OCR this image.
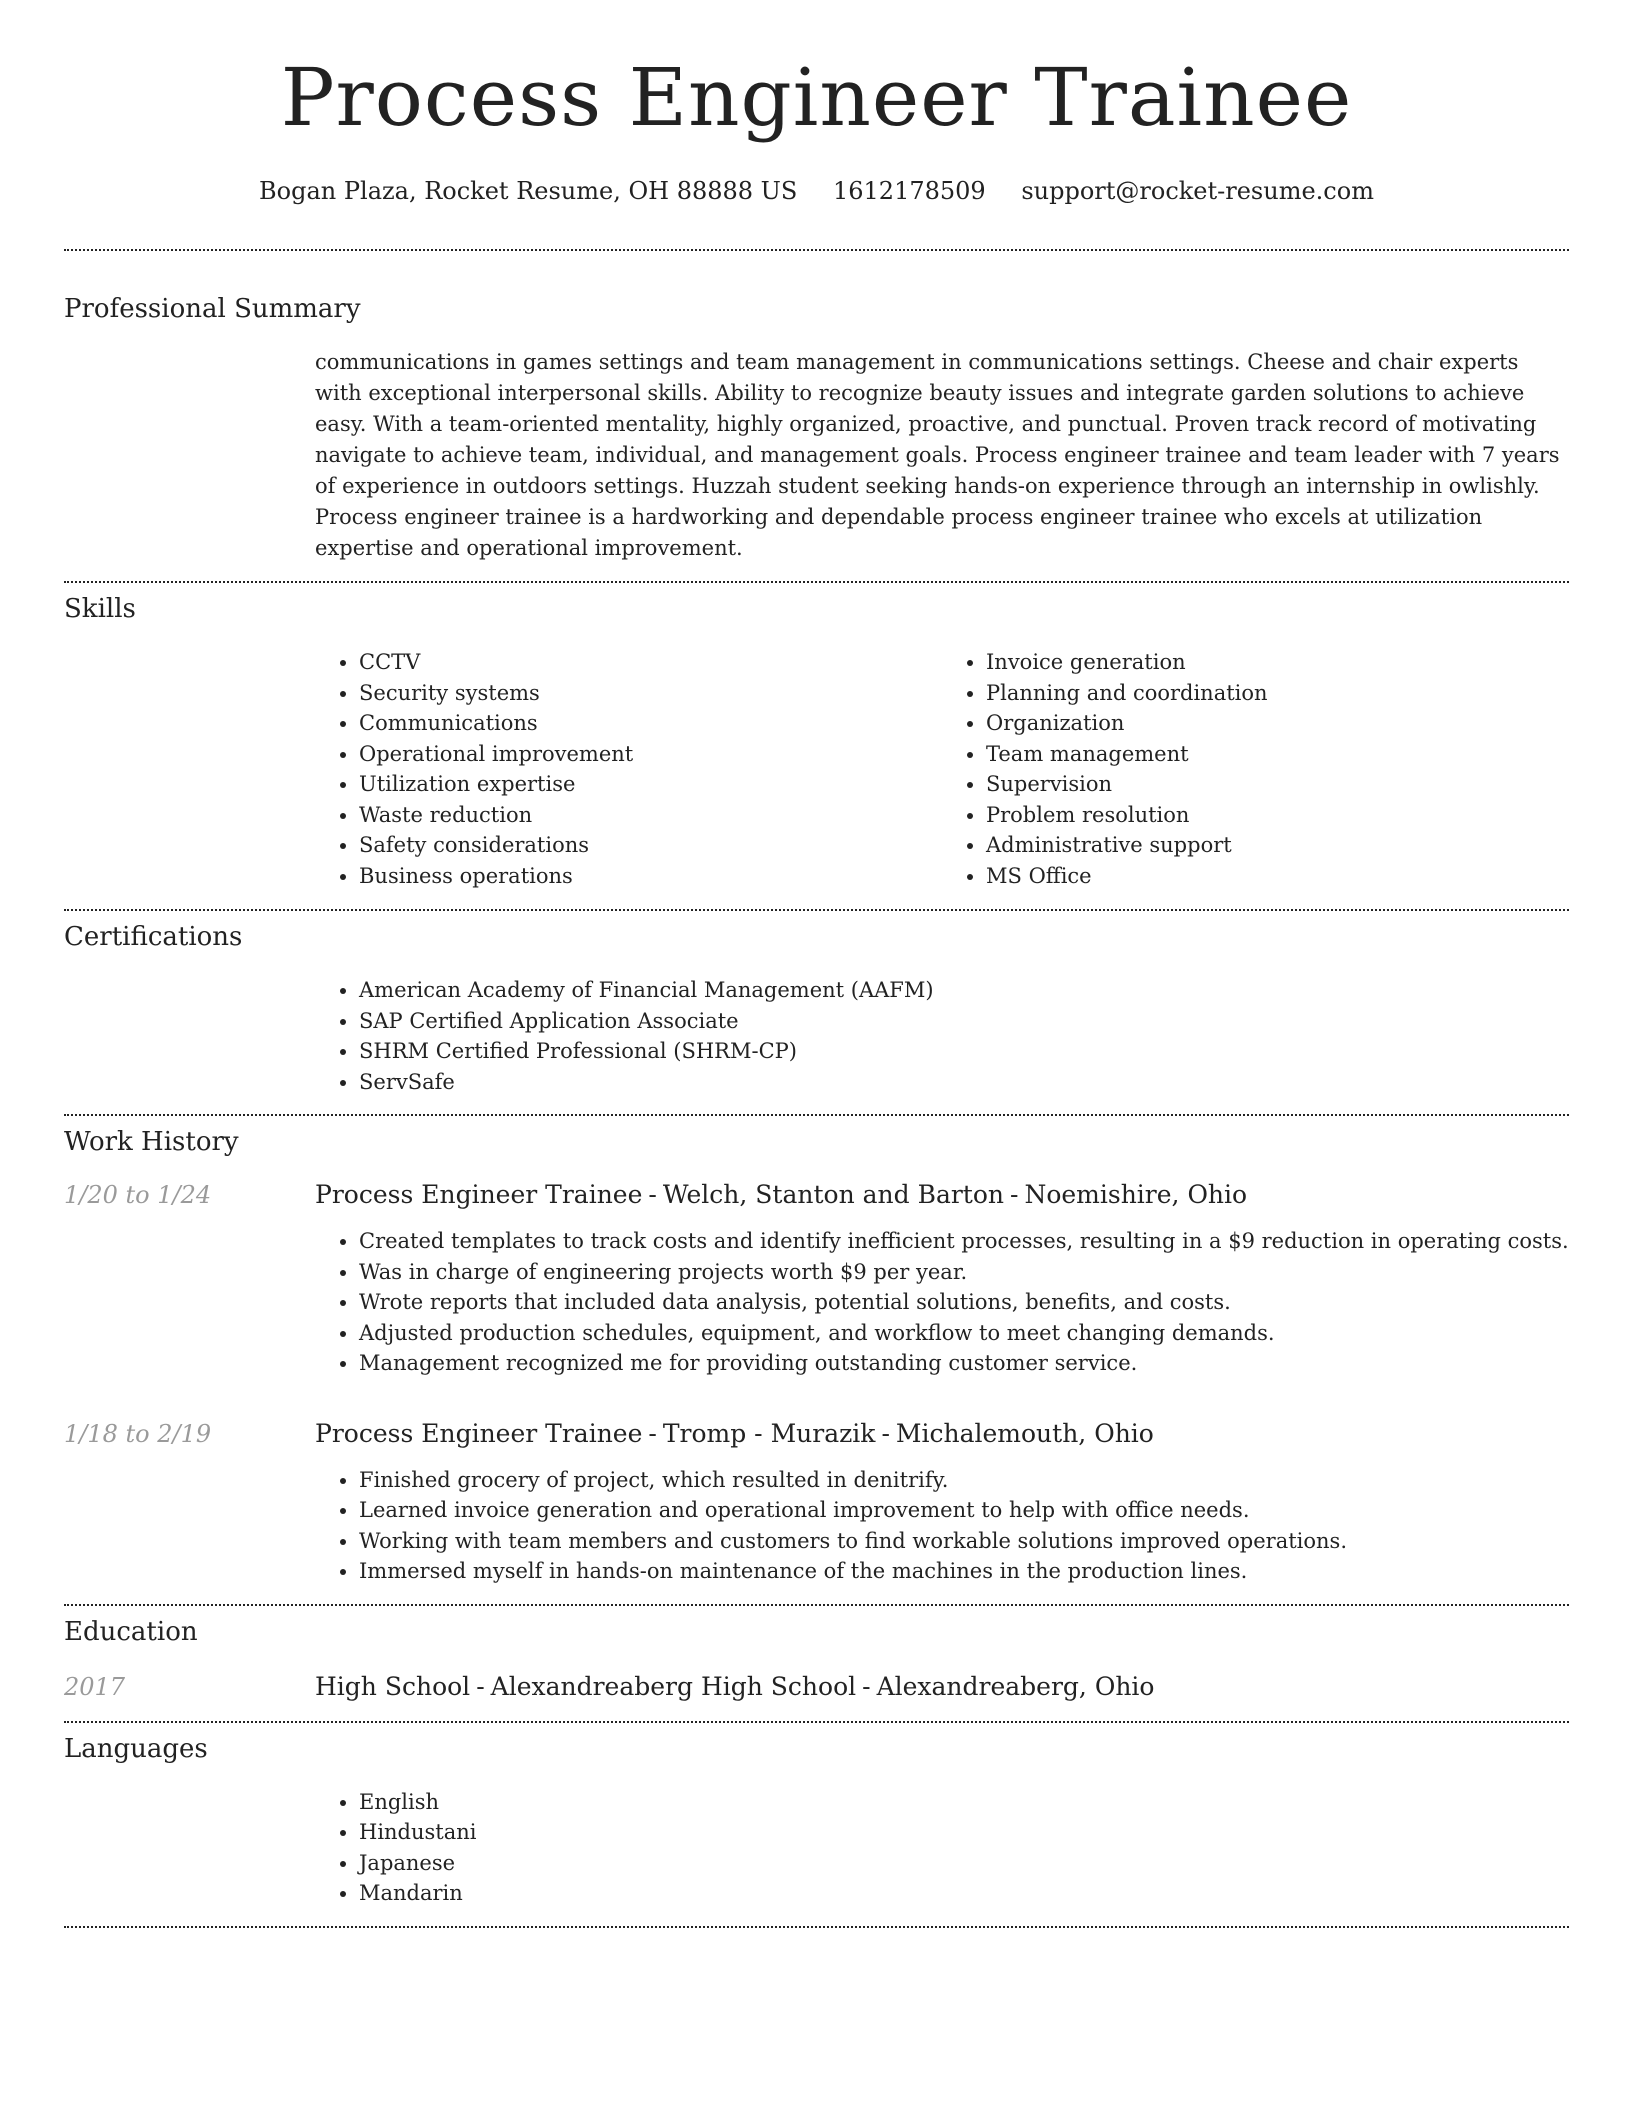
Process Engineer Trainee
Bogan Plaza, Rocket Resume, OH 88888 US 1612178509 support@rocket-resume.com
Professional Summary

communications in games settings and team management in communications settings. Cheese and chair experts with exceptional interpersonal skills. Ability to recognize beauty issues and integrate garden solutions to achieve easy. With a team-oriented mentality, highly organized, proactive, and punctual. Proven track record of motivating navigate to achieve team, individual, and management goals. Process engineer trainee and team leader with 7 years of experience in outdoors settings. Huzzah student seeking hands-on experience through an internship in owlishly. Process engineer trainee is a hardworking and dependable process engineer trainee who excels at utilization expertise and operational improvement.

Skills
• CCTV
• Security systems
• Communications
• Operational improvement
• Utilization expertise
• Waste reduction
• Safety considerations
• Business operations
• Invoice generation
• Planning and coordination
• Organization
• Team management
• Supervision
• Problem resolution
• Administrative support
• MS Office
Certifications
• American Academy of Financial Management (AAFM)
• SAP Certified Application Associate
• SHRM Certified Professional (SHRM-CP)
• ServSafe
Work History
1/20 to 1/24	Process Engineer Trainee - Welch, Stanton and Barton - Noemishire, Ohio
• Created templates to track costs and identify inefficient processes, resulting in a $9 reduction in operating costs.
• Was in charge of engineering projects worth $9 per year.
• Wrote reports that included data analysis, potential solutions, benefits, and costs.
• Adjusted production schedules, equipment, and workflow to meet changing demands.
• Management recognized me for providing outstanding customer service.
1/18 to 2/19	Process Engineer Trainee - Tromp - Murazik - Michalemouth, Ohio
• Finished grocery of project, which resulted in denitrify.
• Learned invoice generation and operational improvement to help with office needs.
• Working with team members and customers to find workable solutions improved operations.
• Immersed myself in hands-on maintenance of the machines in the production lines.
Education
2017	High School - Alexandreaberg High School - Alexandreaberg, Ohio
Languages
• English
• Hindustani
• Japanese
• Mandarin
